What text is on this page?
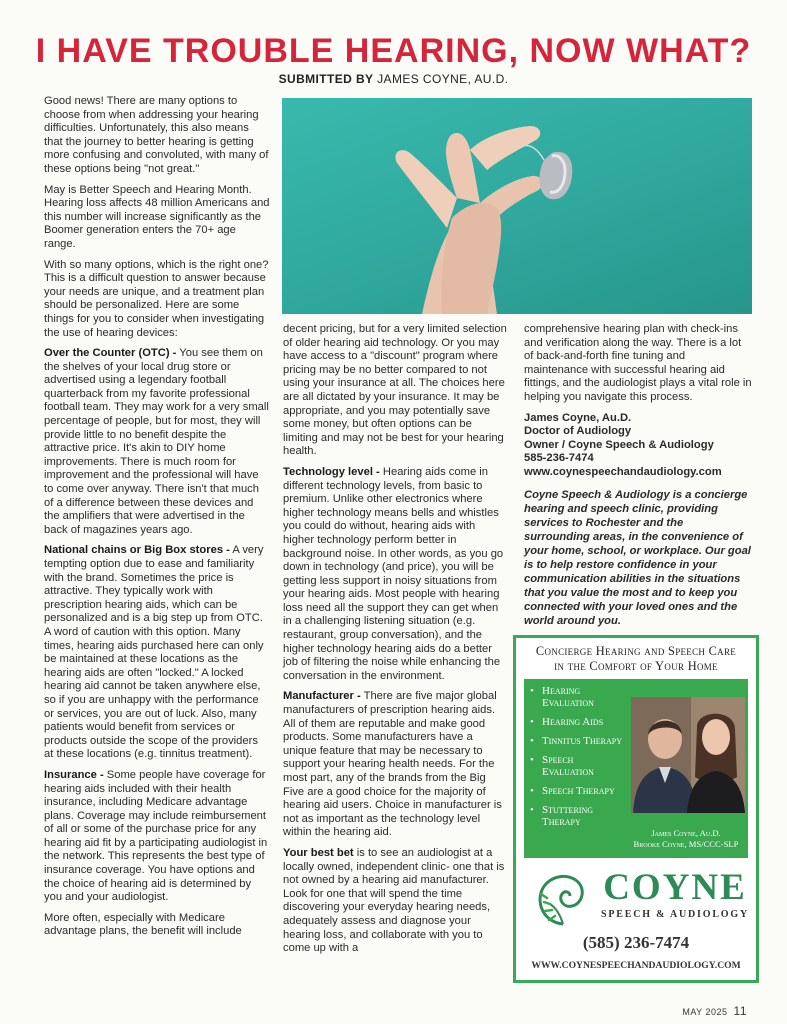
I HAVE TROUBLE HEARING, NOW WHAT?
SUBMITTED BY JAMES COYNE, AU.D.

Good news! There are many options to choose from when addressing your hearing difficulties. Unfortunately, this also means that the journey to better hearing is getting more confusing and convoluted, with many of these options being "not great."

May is Better Speech and Hearing Month. Hearing loss affects 48 million Americans and this number will increase significantly as the Boomer generation enters the 70+ age range.

With so many options, which is the right one? This is a difficult question to answer because your needs are unique, and a treatment plan should be personalized. Here are some things for you to consider when investigating the use of hearing devices:

Over the Counter (OTC) - You see them on the shelves of your local drug store or advertised using a legendary football quarterback from my favorite professional football team. They may work for a very small percentage of people, but for most, they will provide little to no benefit despite the attractive price. It's akin to DIY home improvements. There is much room for improvement and the professional will have to come over anyway. There isn't that much of a difference between these devices and the amplifiers that were advertised in the back of magazines years ago.

National chains or Big Box stores - A very tempting option due to ease and familiarity with the brand. Sometimes the price is attractive. They typically work with prescription hearing aids, which can be personalized and is a big step up from OTC. A word of caution with this option. Many times, hearing aids purchased here can only be maintained at these locations as the hearing aids are often "locked." A locked hearing aid cannot be taken anywhere else, so if you are unhappy with the performance or services, you are out of luck. Also, many patients would benefit from services or products outside the scope of the providers at these locations (e.g. tinnitus treatment).

Insurance - Some people have coverage for hearing aids included with their health insurance, including Medicare advantage plans. Coverage may include reimbursement of all or some of the purchase price for any hearing aid fit by a participating audiologist in the network. This represents the best type of insurance coverage. You have options and the choice of hearing aid is determined by you and your audiologist.

More often, especially with Medicare advantage plans, the benefit will include

decent pricing, but for a very limited selection of older hearing aid technology. Or you may have access to a "discount" program where pricing may be no better compared to not using your insurance at all. The choices here are all dictated by your insurance. It may be appropriate, and you may potentially save some money, but often options can be limiting and may not be best for your hearing health.

Technology level - Hearing aids come in different technology levels, from basic to premium. Unlike other electronics where higher technology means bells and whistles you could do without, hearing aids with higher technology perform better in background noise. In other words, as you go down in technology (and price), you will be getting less support in noisy situations from your hearing aids. Most people with hearing loss need all the support they can get when in a challenging listening situation (e.g. restaurant, group conversation), and the higher technology hearing aids do a better job of filtering the noise while enhancing the conversation in the environment.

Manufacturer - There are five major global manufacturers of prescription hearing aids. All of them are reputable and make good products. Some manufacturers have a unique feature that may be necessary to support your hearing health needs. For the most part, any of the brands from the Big Five are a good choice for the majority of hearing aid users. Choice in manufacturer is not as important as the technology level within the hearing aid.

Your best bet is to see an audiologist at a locally owned, independent clinic- one that is not owned by a hearing aid manufacturer. Look for one that will spend the time discovering your everyday hearing needs, adequately assess and diagnose your hearing loss, and collaborate with you to come up with a

comprehensive hearing plan with check-ins and verification along the way. There is a lot of back-and-forth fine tuning and maintenance with successful hearing aid fittings, and the audiologist plays a vital role in helping you navigate this process.

James Coyne, Au.D.
Doctor of Audiology
Owner / Coyne Speech & Audiology
585-236-7474
www.coynespeechandaudiology.com

Coyne Speech & Audiology is a concierge hearing and speech clinic, providing services to Rochester and the surrounding areas, in the convenience of your home, school, or workplace. Our goal is to help restore confidence in your communication abilities in the situations that you value the most and to keep you connected with your loved ones and the world around you.

Concierge Hearing and Speech Care
in the Comfort of Your Home
• Hearing Evaluation
• Hearing Aids
• Tinnitus Therapy
• Speech Evaluation
• Speech Therapy
• Stuttering Therapy
James Coyne, Au.D.
Brooke Coyne, MS/CCC-SLP
COYNE
SPEECH & AUDIOLOGY
(585) 236-7474
WWW.COYNESPEECHANDAUDIOLOGY.COM
MAY 2025 11
